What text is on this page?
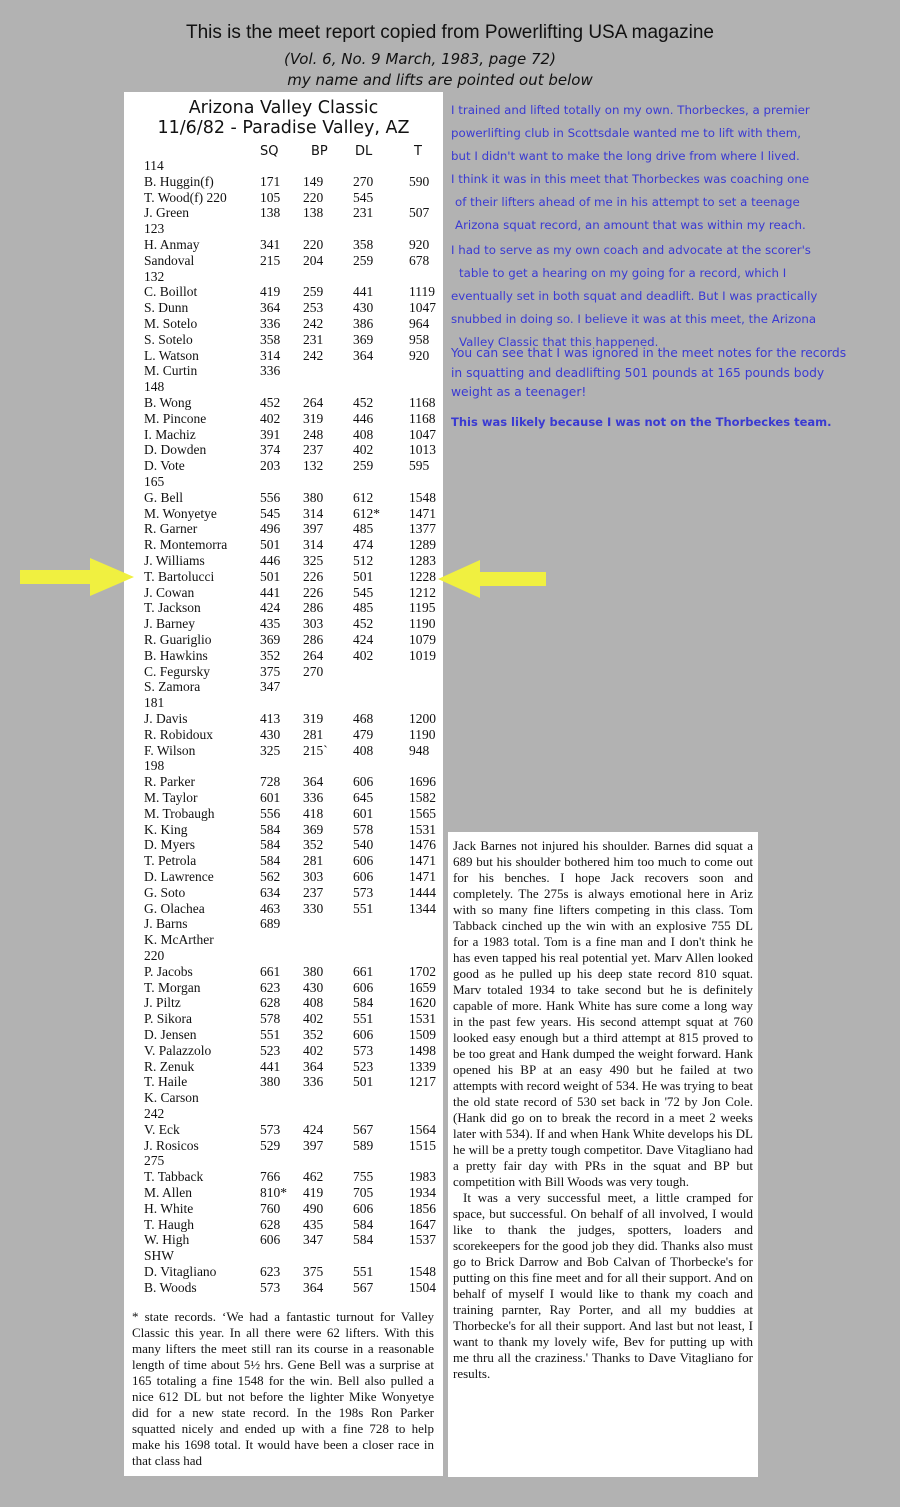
This is the meet report copied from Powerlifting USA magazine
(Vol. 6, No. 9 March, 1983, page 72)
my name and lifts are pointed out below
Arizona Valley Classic
11/6/82 - Paradise Valley, AZ
SQ	BP DL	T
114
B. Huggin(f)	171 149 270	590
T. Wood(f) 220 105 220 545
J. Green	138 138 231	507
123
H. Anmay	341 220 358	920
Sandoval	215 204 259	678
132
C. Boillot	419 259 441	1119
S. Dunn	364 253 430	1047
M. Sotelo	336 242 386	964
S. Sotelo	358 231 369	958
L. Watson	314 242 364	920
M. Curtin	336
148
B. Wong	452 264 452	1168
M. Pincone	402 319 446	1168
I. Machiz	391 248 408	1047
D. Dowden	374 237 402	1013
D. Vote	203 132 259	595
165
G. Bell	556 380 612	1548
M. Wonyetye	545 314 612* 1471
R. Garner	496 397 485	1377
R. Montemorra 501 314 474	1289
J. Williams	446 325 512	1283
T. Bartolucci	501 226 501	1228
J. Cowan	441 226 545	1212
T. Jackson	424 286 485	1195
J. Barney	435 303 452	1190
R. Guariglio	369 286 424	1079
B. Hawkins	352 264 402	1019
C. Fegursky	375 270
S. Zamora	347
181
J. Davis	413 319 468	1200
R. Robidoux	430 281 479	1190
F. Wilson	325 215` 408	948
198
R. Parker	728 364 606	1696
M. Taylor	601 336 645	1582
M. Trobaugh	556 418 601	1565
K. King	584 369 578	1531
D. Myers	584 352 540	1476
T. Petrola	584 281 606	1471
D. Lawrence	562 303 606	1471
G. Soto	634 237 573	1444
G. Olachea	463 330 551	1344
J. Barns	689
K. McArther
220
P. Jacobs	661 380 661	1702
T. Morgan	623 430 606	1659
J. Piltz	628 408 584	1620
P. Sikora	578 402 551	1531
D. Jensen	551 352 606	1509
V. Palazzolo	523 402 573	1498
R. Zenuk	441 364 523	1339
T. Haile	380 336 501	1217
K. Carson
242
V. Eck	573 424 567	1564
J. Rosicos	529 397 589	1515
275
T. Tabback	766 462 755	1983
M. Allen	810* 419 705	1934
H. White	760 490 606	1856
T. Haugh	628 435 584	1647
W. High	606 347 584	1537
SHW
D. Vitagliano	623 375 551	1548
B. Woods	573 364 567	1504
* state records. ‘We had a fantastic turnout for Valley Classic this year. In all there were 62 lifters. With this many lifters the meet still ran its course in a reasonable length of time about 5½ hrs. Gene Bell was a surprise at 165 totaling a fine 1548 for the win. Bell also pulled a nice 612 DL but not before the lighter Mike Wonyetye did for a new state record. In the 198s Ron Parker squatted nicely and ended up with a fine 728 to help make his 1698 total. It would have been a closer race in that class had
Jack Barnes not injured his shoulder. Barnes did squat a 689 but his shoulder bothered him too much to come out for his benches. I hope Jack recovers soon and completely. The 275s is always emotional here in Ariz with so many fine lifters competing in this class. Tom Tabback cinched up the win with an explosive 755 DL for a 1983 total. Tom is a fine man and I don't think he has even tapped his real potential yet. Marv Allen looked good as he pulled up his deep state record 810 squat. Marv totaled 1934 to take second but he is definitely capable of more. Hank White has sure come a long way in the past few years. His second attempt squat at 760 looked easy enough but a third attempt at 815 proved to be too great and Hank dumped the weight forward. Hank opened his BP at an easy 490 but he failed at two attempts with record weight of 534. He was trying to beat the old state record of 530 set back in '72 by Jon Cole. (Hank did go on to break the record in a meet 2 weeks later with 534). If and when Hank White develops his DL he will be a pretty tough competitor. Dave Vitagliano had a pretty fair day with PRs in the squat and BP but competition with Bill Woods was very tough.
It was a very successful meet, a little cramped for space, but successful. On behalf of all involved, I would like to thank the judges, spotters, loaders and scorekeepers for the good job they did. Thanks also must go to Brick Darrow and Bob Calvan of Thorbecke's for putting on this fine meet and for all their support. And on behalf of myself I would like to thank my coach and training parnter, Ray Porter, and all my buddies at Thorbecke's for all their support. And last but not least, I want to thank my lovely wife, Bev for putting up with me thru all the craziness.' Thanks to Dave Vitagliano for results.
I trained and lifted totally on my own. Thorbeckes, a premier
powerlifting club in Scottsdale wanted me to lift with them,
but I didn't want to make the long drive from where I lived.
I think it was in this meet that Thorbeckes was coaching one
of their lifters ahead of me in his attempt to set a teenage
Arizona squat record, an amount that was within my reach.
I had to serve as my own coach and advocate at the scorer's
table to get a hearing on my going for a record, which I
eventually set in both squat and deadlift. But I was practically
snubbed in doing so. I believe it was at this meet, the Arizona
Valley Classic that this happened.
You can see that I was ignored in the meet notes for the records
in squatting and deadlifting 501 pounds at 165 pounds body
weight as a teenager!
This was likely because I was not on the Thorbeckes team.
